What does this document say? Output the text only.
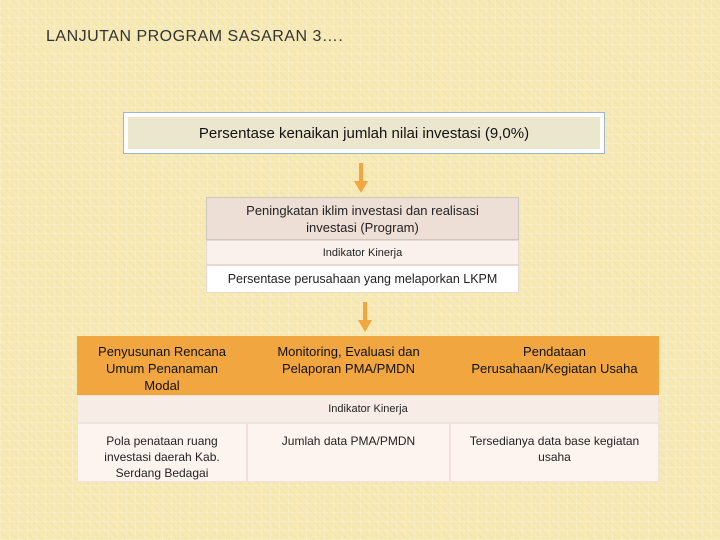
LANJUTAN PROGRAM SASARAN 3….
Persentase kenaikan jumlah nilai investasi (9,0%)
Peningkatan iklim investasi dan realisasi
investasi (Program)
Indikator Kinerja
Persentase perusahaan yang melaporkan LKPM
Penyusunan Rencana
Umum Penanaman
Modal
Monitoring, Evaluasi dan
Pelaporan PMA/PMDN
Pendataan
Perusahaan/Kegiatan Usaha
Indikator Kinerja
Pola penataan ruang
investasi daerah Kab.
Serdang Bedagai
Jumlah data PMA/PMDN	Tersedianya data base kegiatan
usaha
